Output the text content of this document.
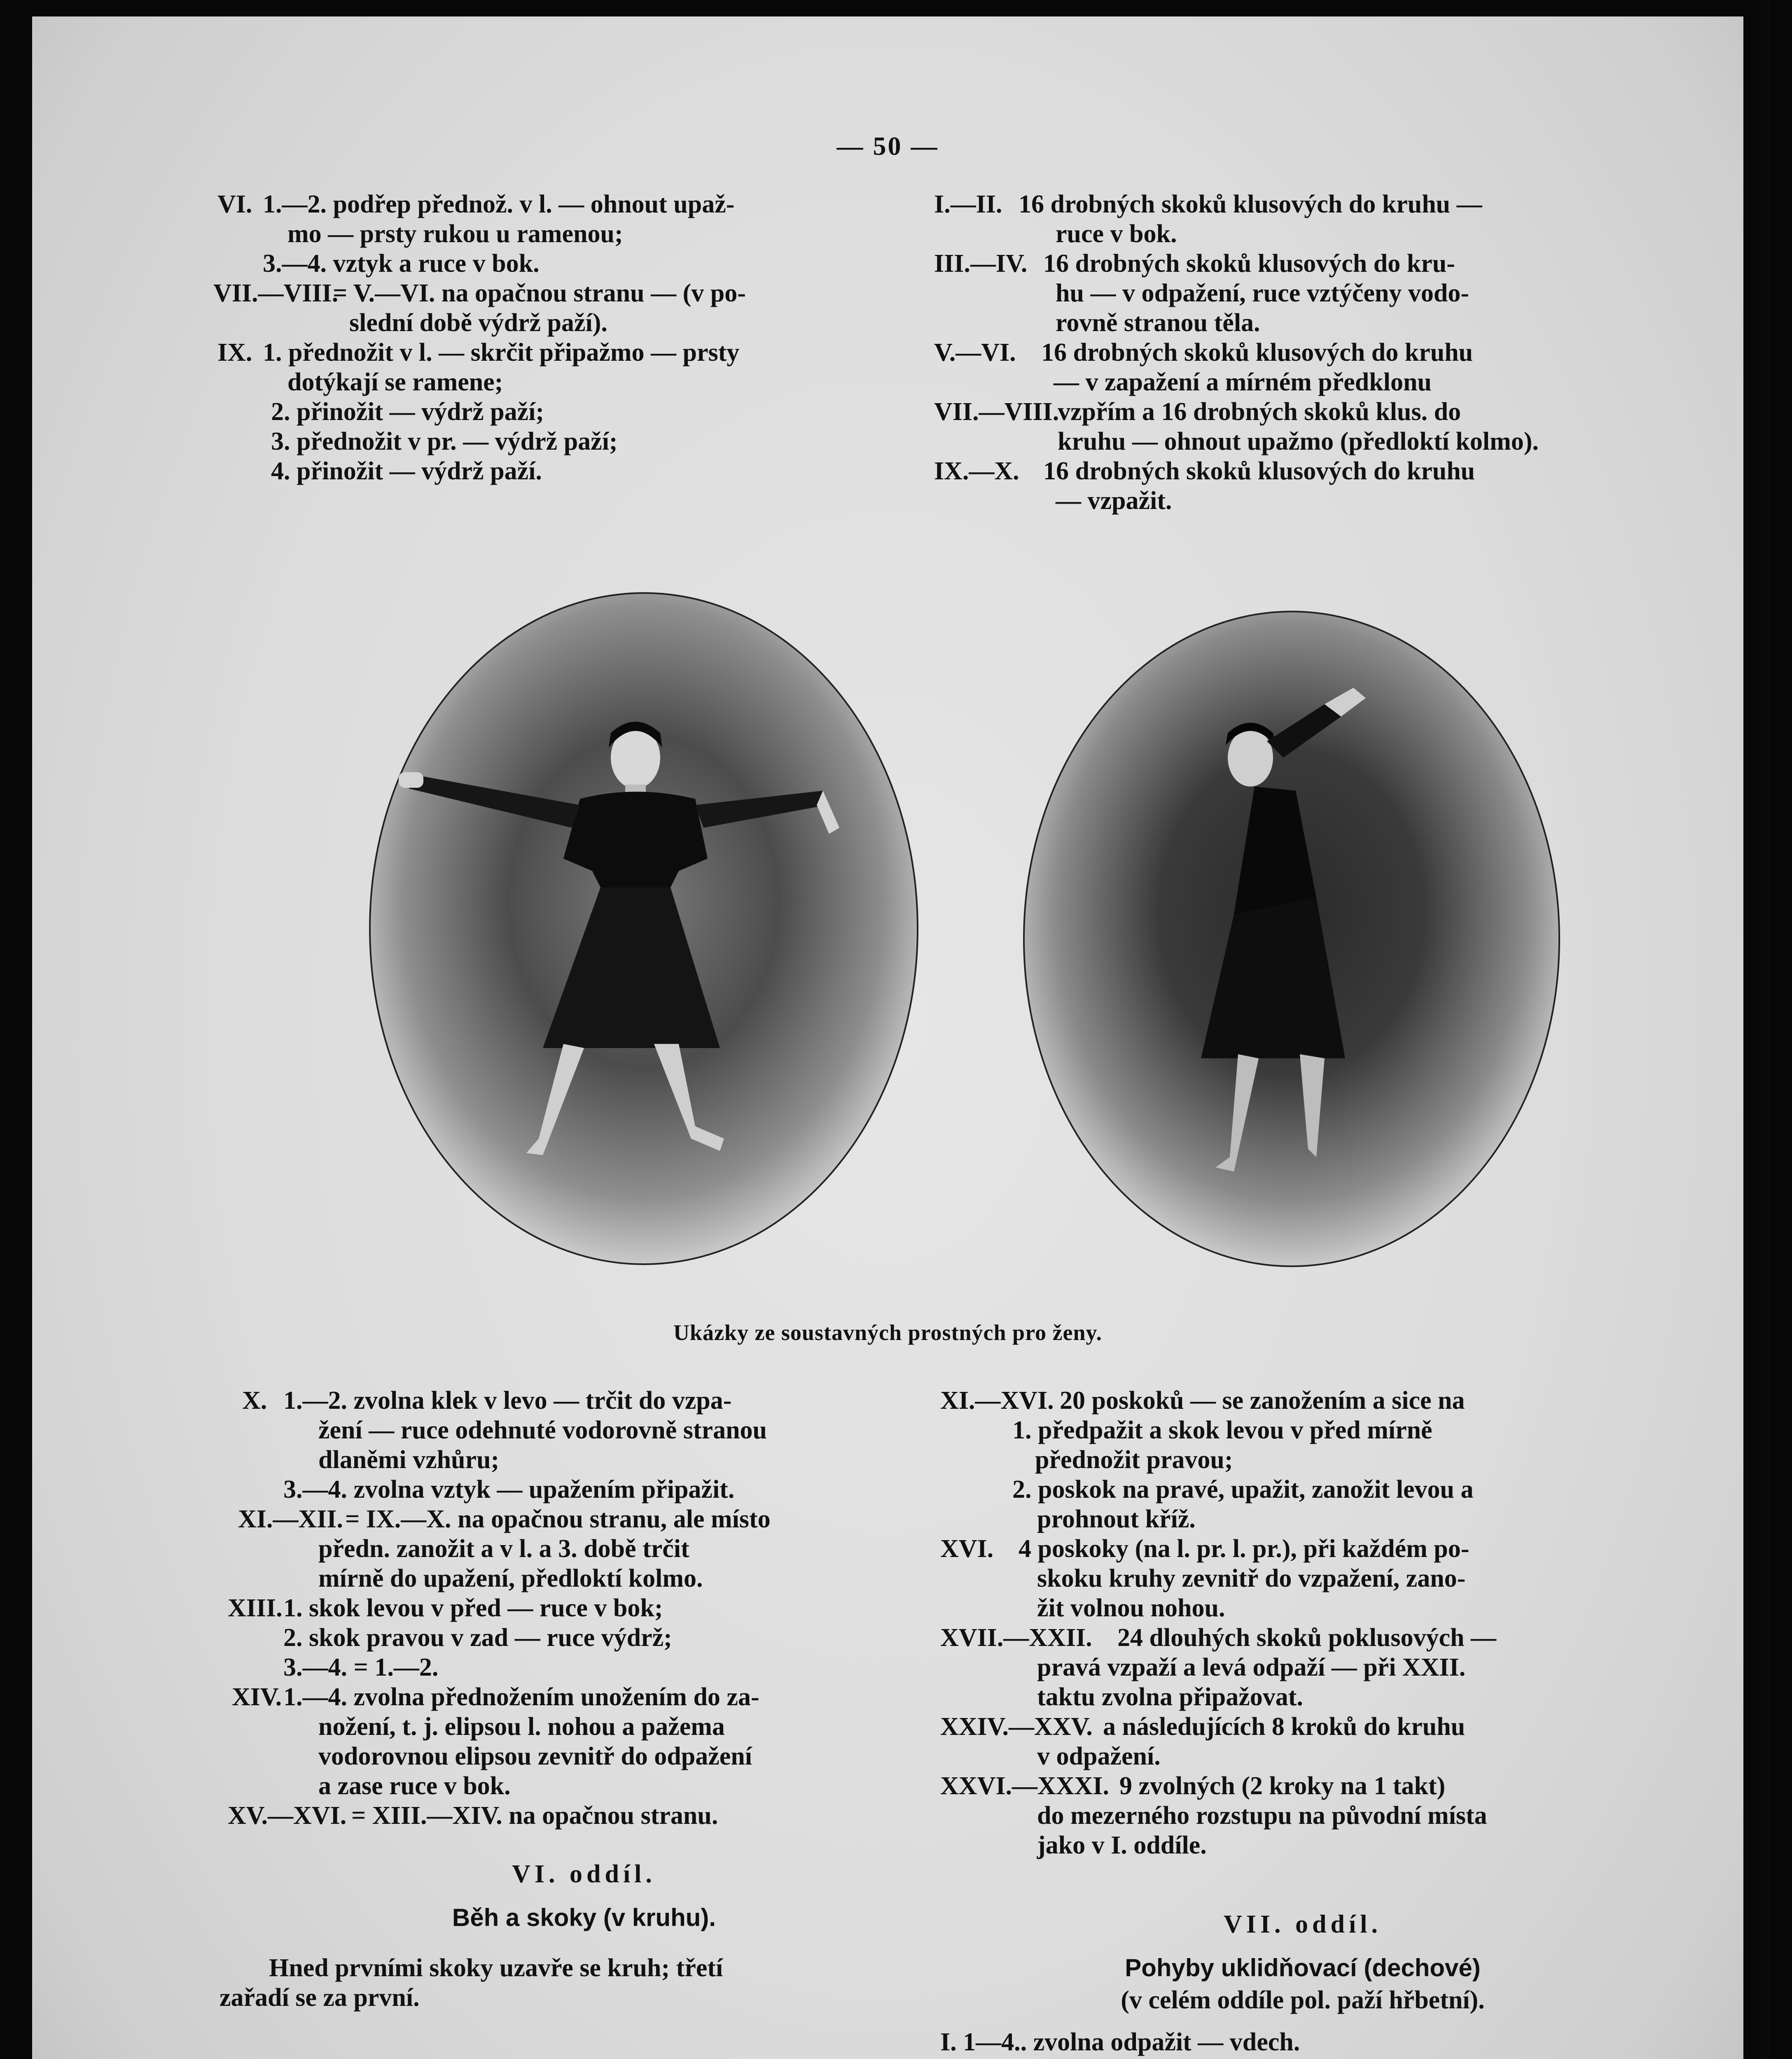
— 50 —
VI. 1.—2. podřep přednož. v l. — ohnout upaž-
mo — prsty rukou u ramenou;
3.—4. vztyk a ruce v bok.
VII.—VIII.
= V.—VI. na opačnou stranu — (v po-
slední době výdrž paží).
IX. 1. přednožit v l. — skrčit připažmo — prsty
dotýkají se ramene;
2. přinožit — výdrž paží;
3. přednožit v pr. — výdrž paží;
4. přinožit — výdrž paží.
I.—II. 16 drobných skoků klusových do kruhu —
ruce v bok.
III.—IV. 16 drobných skoků klusových do kru-
hu — v odpažení, ruce vztýčeny vodo-
rovně stranou těla.
V.—VI. 16 drobných skoků klusových do kruhu
— v zapažení a mírném předklonu
VII.—VIII.
vzpřím a 16 drobných skoků klus. do
kruhu — ohnout upažmo (předloktí kolmo).
IX.—X. 16 drobných skoků klusových do kruhu
— vzpažit.
Ukázky ze soustavných prostných pro ženy.
X. 1.—2. zvolna klek v levo — trčit do vzpa-
žení — ruce odehnuté vodorovně stranou
dlaněmi vzhůru;
3.—4. zvolna vztyk — upažením připažit.
XI.—XII. = IX.—X. na opačnou stranu, ale místo
předn. zanožit a v l. a 3. době trčit
mírně do upažení, předloktí kolmo.
XIII. 1. skok levou v před — ruce v bok;
2. skok pravou v zad — ruce výdrž;
3.—4. = 1.—2.
XIV. 1.—4. zvolna přednožením unožením do za-
nožení, t. j. elipsou l. nohou a pažema
vodorovnou elipsou zevnitř do odpažení
a zase ruce v bok.
XV.—XVI. = XIII.—XIV. na opačnou stranu.
VI. oddíl.
Běh a skoky (v kruhu).
Hned prvními skoky uzavře se kruh; třetí
zařadí se za první.
XI.—XVI. 20 poskoků — se zanožením a sice na
1. předpažit a skok levou v před mírně
přednožit pravou;
2. poskok na pravé, upažit, zanožit levou a
prohnout kříž.
XVI. 4 poskoky (na l. pr. l. pr.), při každém po-
skoku kruhy zevnitř do vzpažení, zano-
žit volnou nohou.
XVII.—XXII. 24 dlouhých skoků poklusových —
pravá vzpaží a levá odpaží — při XXII.
taktu zvolna připažovat.
XXIV.—XXV. a následujících 8 kroků do kruhu
v odpažení.
XXVI.—XXXI. 9 zvolných (2 kroky na 1 takt)
do mezerného rozstupu na původní místa
jako v I. oddíle.
VII. oddíl.
Pohyby uklidňovací (dechové)
(v celém oddíle pol. paží hřbetní).
I. 1—4.. zvolna odpažit — vdech.
